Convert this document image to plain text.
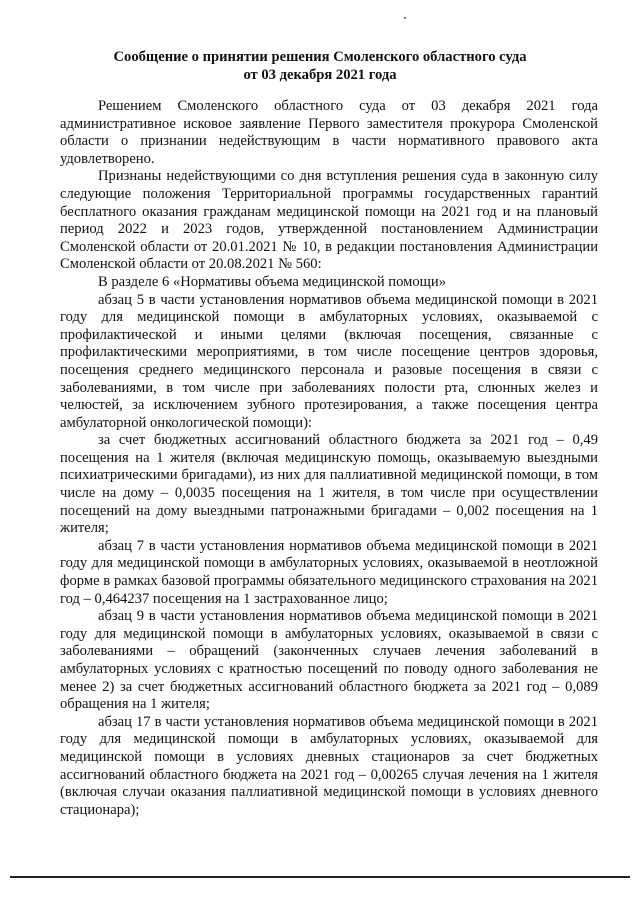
Сообщение о принятии решения Смоленского областного суда
от 03 декабря 2021 года

Решением Смоленского областного суда от 03 декабря 2021 года административное исковое заявление Первого заместителя прокурора Смоленской области о признании недействующим в части нормативного правового акта удовлетворено.

Признаны недействующими со дня вступления решения суда в законную силу следующие положения Территориальной программы государственных гарантий бесплатного оказания гражданам медицинской помощи на 2021 год и на плановый период 2022 и 2023 годов, утвержденной постановлением Администрации Смоленской области от 20.01.2021 № 10, в редакции постановления Администрации Смоленской области от 20.08.2021 № 560:

В разделе 6 «Нормативы объема медицинской помощи»

абзац 5 в части установления нормативов объема медицинской помощи в 2021 году для медицинской помощи в амбулаторных условиях, оказываемой с профилактической и иными целями (включая посещения, связанные с профилактическими мероприятиями, в том числе посещение центров здоровья, посещения среднего медицинского персонала и разовые посещения в связи с заболеваниями, в том числе при заболеваниях полости рта, слюнных желез и челюстей, за исключением зубного протезирования, а также посещения центра амбулаторной онкологической помощи):

за счет бюджетных ассигнований областного бюджета за 2021 год – 0,49 посещения на 1 жителя (включая медицинскую помощь, оказываемую выездными психиатрическими бригадами), из них для паллиативной медицинской помощи, в том числе на дому – 0,0035 посещения на 1 жителя, в том числе при осуществлении посещений на дому выездными патронажными бригадами – 0,002 посещения на 1 жителя;

абзац 7 в части установления нормативов объема медицинской помощи в 2021 году для медицинской помощи в амбулаторных условиях, оказываемой в неотложной форме в рамках базовой программы обязательного медицинского страхования на 2021 год – 0,464237 посещения на 1 застрахованное лицо;

абзац 9 в части установления нормативов объема медицинской помощи в 2021 году для медицинской помощи в амбулаторных условиях, оказываемой в связи с заболеваниями – обращений (законченных случаев лечения заболеваний в амбулаторных условиях с кратностью посещений по поводу одного заболевания не менее 2) за счет бюджетных ассигнований областного бюджета за 2021 год – 0,089 обращения на 1 жителя;

абзац 17 в части установления нормативов объема медицинской помощи в 2021 году для медицинской помощи в амбулаторных условиях, оказываемой для медицинской помощи в условиях дневных стационаров за счет бюджетных ассигнований областного бюджета на 2021 год – 0,00265 случая лечения на 1 жителя (включая случаи оказания паллиативной медицинской помощи в условиях дневного стационара);
